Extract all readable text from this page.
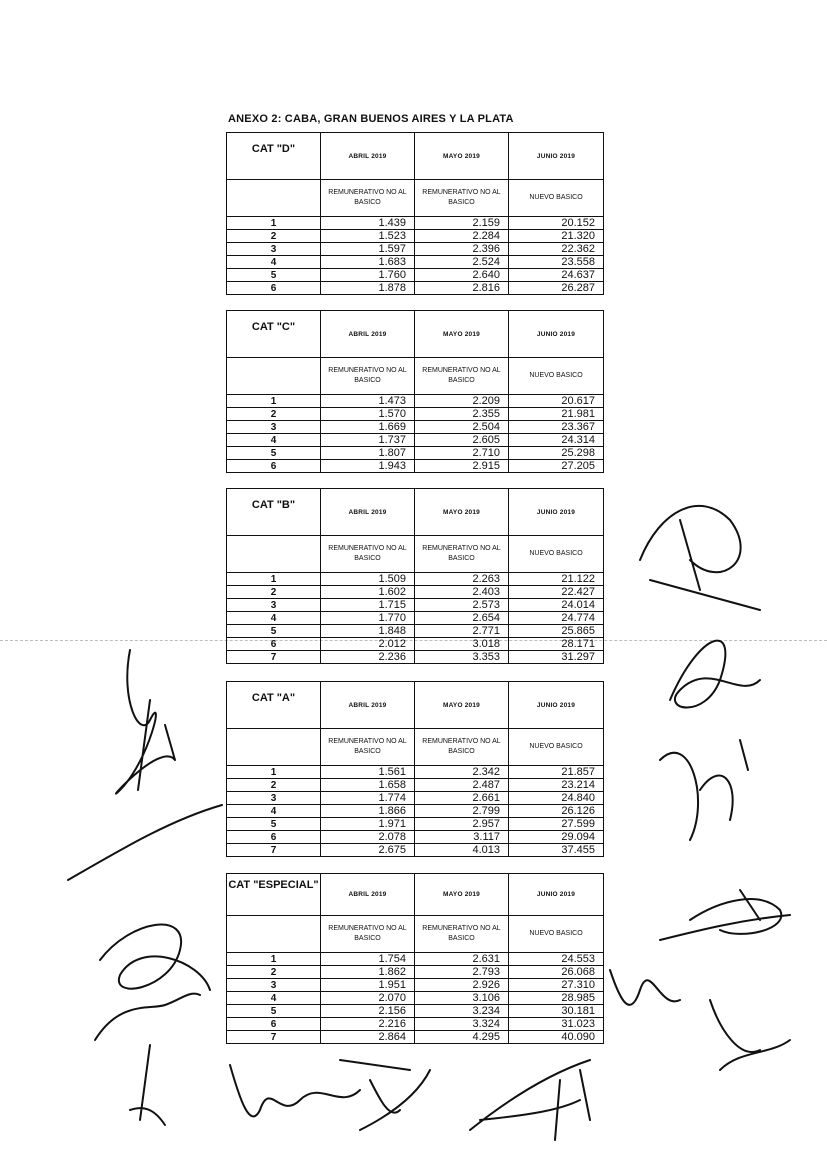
ANEXO 2: CABA, GRAN BUENOS AIRES Y LA PLATA
CAT "D"	ABRIL 2019	MAYO 2019	JUNIO 2019
	REMUNERATIVO NO AL BASICO	REMUNERATIVO NO AL BASICO	NUEVO BASICO
1	1.439	2.159	20.152
2	1.523	2.284	21.320
3	1.597	2.396	22.362
4	1.683	2.524	23.558
5	1.760	2.640	24.637
6	1.878	2.816	26.287
CAT "C"	ABRIL 2019	MAYO 2019	JUNIO 2019
	REMUNERATIVO NO AL BASICO	REMUNERATIVO NO AL BASICO	NUEVO BASICO
1	1.473	2.209	20.617
2	1.570	2.355	21.981
3	1.669	2.504	23.367
4	1.737	2.605	24.314
5	1.807	2.710	25.298
6	1.943	2.915	27.205
CAT "B"	ABRIL 2019	MAYO 2019	JUNIO 2019
	REMUNERATIVO NO AL BASICO	REMUNERATIVO NO AL BASICO	NUEVO BASICO
1	1.509	2.263	21.122
2	1.602	2.403	22.427
3	1.715	2.573	24.014
4	1.770	2.654	24.774
5	1.848	2.771	25.865
6	2.012	3.018	28.171
7	2.236	3.353	31.297
CAT "A"	ABRIL 2019	MAYO 2019	JUNIO 2019
	REMUNERATIVO NO AL BASICO	REMUNERATIVO NO AL BASICO	NUEVO BASICO
1	1.561	2.342	21.857
2	1.658	2.487	23.214
3	1.774	2.661	24.840
4	1.866	2.799	26.126
5	1.971	2.957	27.599
6	2.078	3.117	29.094
7	2.675	4.013	37.455
CAT "ESPECIAL"	ABRIL 2019	MAYO 2019	JUNIO 2019
	REMUNERATIVO NO AL BASICO	REMUNERATIVO NO AL BASICO	NUEVO BASICO
1	1.754	2.631	24.553
2	1.862	2.793	26.068
3	1.951	2.926	27.310
4	2.070	3.106	28.985
5	2.156	3.234	30.181
6	2.216	3.324	31.023
7	2.864	4.295	40.090
